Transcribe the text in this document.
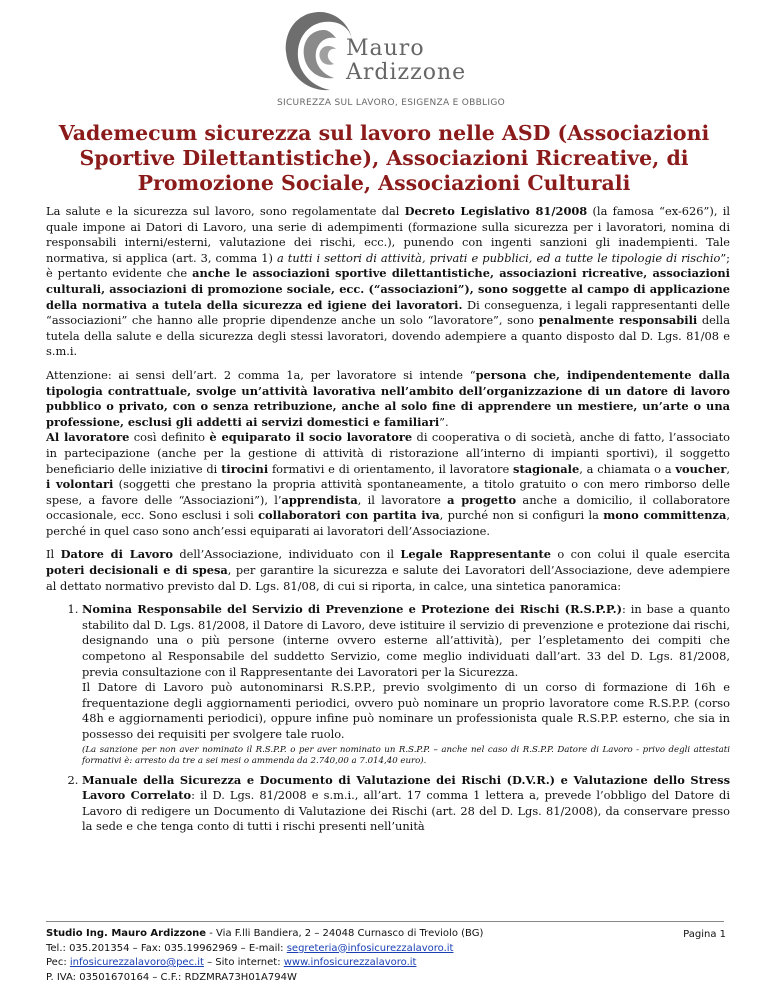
Mauro
Ardizzone
SICUREZZA SUL LAVORO, ESIGENZA E OBBLIGO
Vademecum sicurezza sul lavoro nelle ASD (Associazioni Sportive Dilettantistiche), Associazioni Ricreative, di Promozione Sociale, Associazioni Culturali

La salute e la sicurezza sul lavoro, sono regolamentate dal Decreto Legislativo 81/2008 (la famosa “ex-626”), il quale impone ai Datori di Lavoro, una serie di adempimenti (formazione sulla sicurezza per i lavoratori, nomina di responsabili interni/esterni, valutazione dei rischi, ecc.), punendo con ingenti sanzioni gli inadempienti. Tale normativa, si applica (art. 3, comma 1) a tutti i settori di attività, privati e pubblici, ed a tutte le tipologie di rischio”; è pertanto evidente che anche le associazioni sportive dilettantistiche, associazioni ricreative, associazioni culturali, associazioni di promozione sociale, ecc. (“associazioni”), sono soggette al campo di applicazione della normativa a tutela della sicurezza ed igiene dei lavoratori. Di conseguenza, i legali rappresentanti delle “associazioni” che hanno alle proprie dipendenze anche un solo “lavoratore”, sono penalmente responsabili della tutela della salute e della sicurezza degli stessi lavoratori, dovendo adempiere a quanto disposto dal D. Lgs. 81/08 e s.m.i.

Attenzione: ai sensi dell’art. 2 comma 1a, per lavoratore si intende “persona che, indipendentemente dalla tipologia contrattuale, svolge un’attività lavorativa nell’ambito dell’organizzazione di un datore di lavoro pubblico o privato, con o senza retribuzione, anche al solo fine di apprendere un mestiere, un’arte o una professione, esclusi gli addetti ai servizi domestici e familiari”.

Al lavoratore così definito è equiparato il socio lavoratore di cooperativa o di società, anche di fatto, l’associato in partecipazione (anche per la gestione di attività di ristorazione all’interno di impianti sportivi), il soggetto beneficiario delle iniziative di tirocini formativi e di orientamento, il lavoratore stagionale, a chiamata o a voucher, i volontari (soggetti che prestano la propria attività spontaneamente, a titolo gratuito o con mero rimborso delle spese, a favore delle “Associazioni”), l’apprendista, il lavoratore a progetto anche a domicilio, il collaboratore occasionale, ecc. Sono esclusi i soli collaboratori con partita iva, purché non si configuri la mono committenza, perché in quel caso sono anch’essi equiparati ai lavoratori dell’Associazione.

Il Datore di Lavoro dell’Associazione, individuato con il Legale Rappresentante o con colui il quale esercita poteri decisionali e di spesa, per garantire la sicurezza e salute dei Lavoratori dell’Associazione, deve adempiere al dettato normativo previsto dal D. Lgs. 81/08, di cui si riporta, in calce, una sintetica panoramica:

1. Nomina Responsabile del Servizio di Prevenzione e Protezione dei Rischi (R.S.P.P.): in base a quanto stabilito dal D. Lgs. 81/2008, il Datore di Lavoro, deve istituire il servizio di prevenzione e protezione dai rischi, designando una o più persone (interne ovvero esterne all’attività), per l’espletamento dei compiti che competono al Responsabile del suddetto Servizio, come meglio individuati dall’art. 33 del D. Lgs. 81/2008, previa consultazione con il Rappresentante dei Lavoratori per la Sicurezza.
Il Datore di Lavoro può autonominarsi R.S.P.P., previo svolgimento di un corso di formazione di 16h e frequentazione degli aggiornamenti periodici, ovvero può nominare un proprio lavoratore come R.S.P.P. (corso 48h e aggiornamenti periodici), oppure infine può nominare un professionista quale R.S.P.P. esterno, che sia in possesso dei requisiti per svolgere tale ruolo.
(La sanzione per non aver nominato il R.S.P.P. o per aver nominato un R.S.P.P. – anche nel caso di R.S.P.P. Datore di Lavoro - privo degli attestati formativi è: arresto da tre a sei mesi o ammenda da 2.740,00 a 7.014,40 euro).
2. Manuale della Sicurezza e Documento di Valutazione dei Rischi (D.V.R.) e Valutazione dello Stress Lavoro Correlato: il D. Lgs. 81/2008 e s.m.i., all’art. 17 comma 1 lettera a, prevede l’obbligo del Datore di Lavoro di redigere un Documento di Valutazione dei Rischi (art. 28 del D. Lgs. 81/2008), da conservare presso la sede e che tenga conto di tutti i rischi presenti nell’unità
Studio Ing. Mauro Ardizzone - Via F.lli Bandiera, 2 – 24048 Curnasco di Treviolo (BG)
Tel.: 035.201354 – Fax: 035.19962969 – E-mail: segreteria@infosicurezzalavoro.it
Pec: infosicurezzalavoro@pec.it – Sito internet: www.infosicurezzalavoro.it
P. IVA: 03501670164 – C.F.: RDZMRA73H01A794W
Pagina 1
